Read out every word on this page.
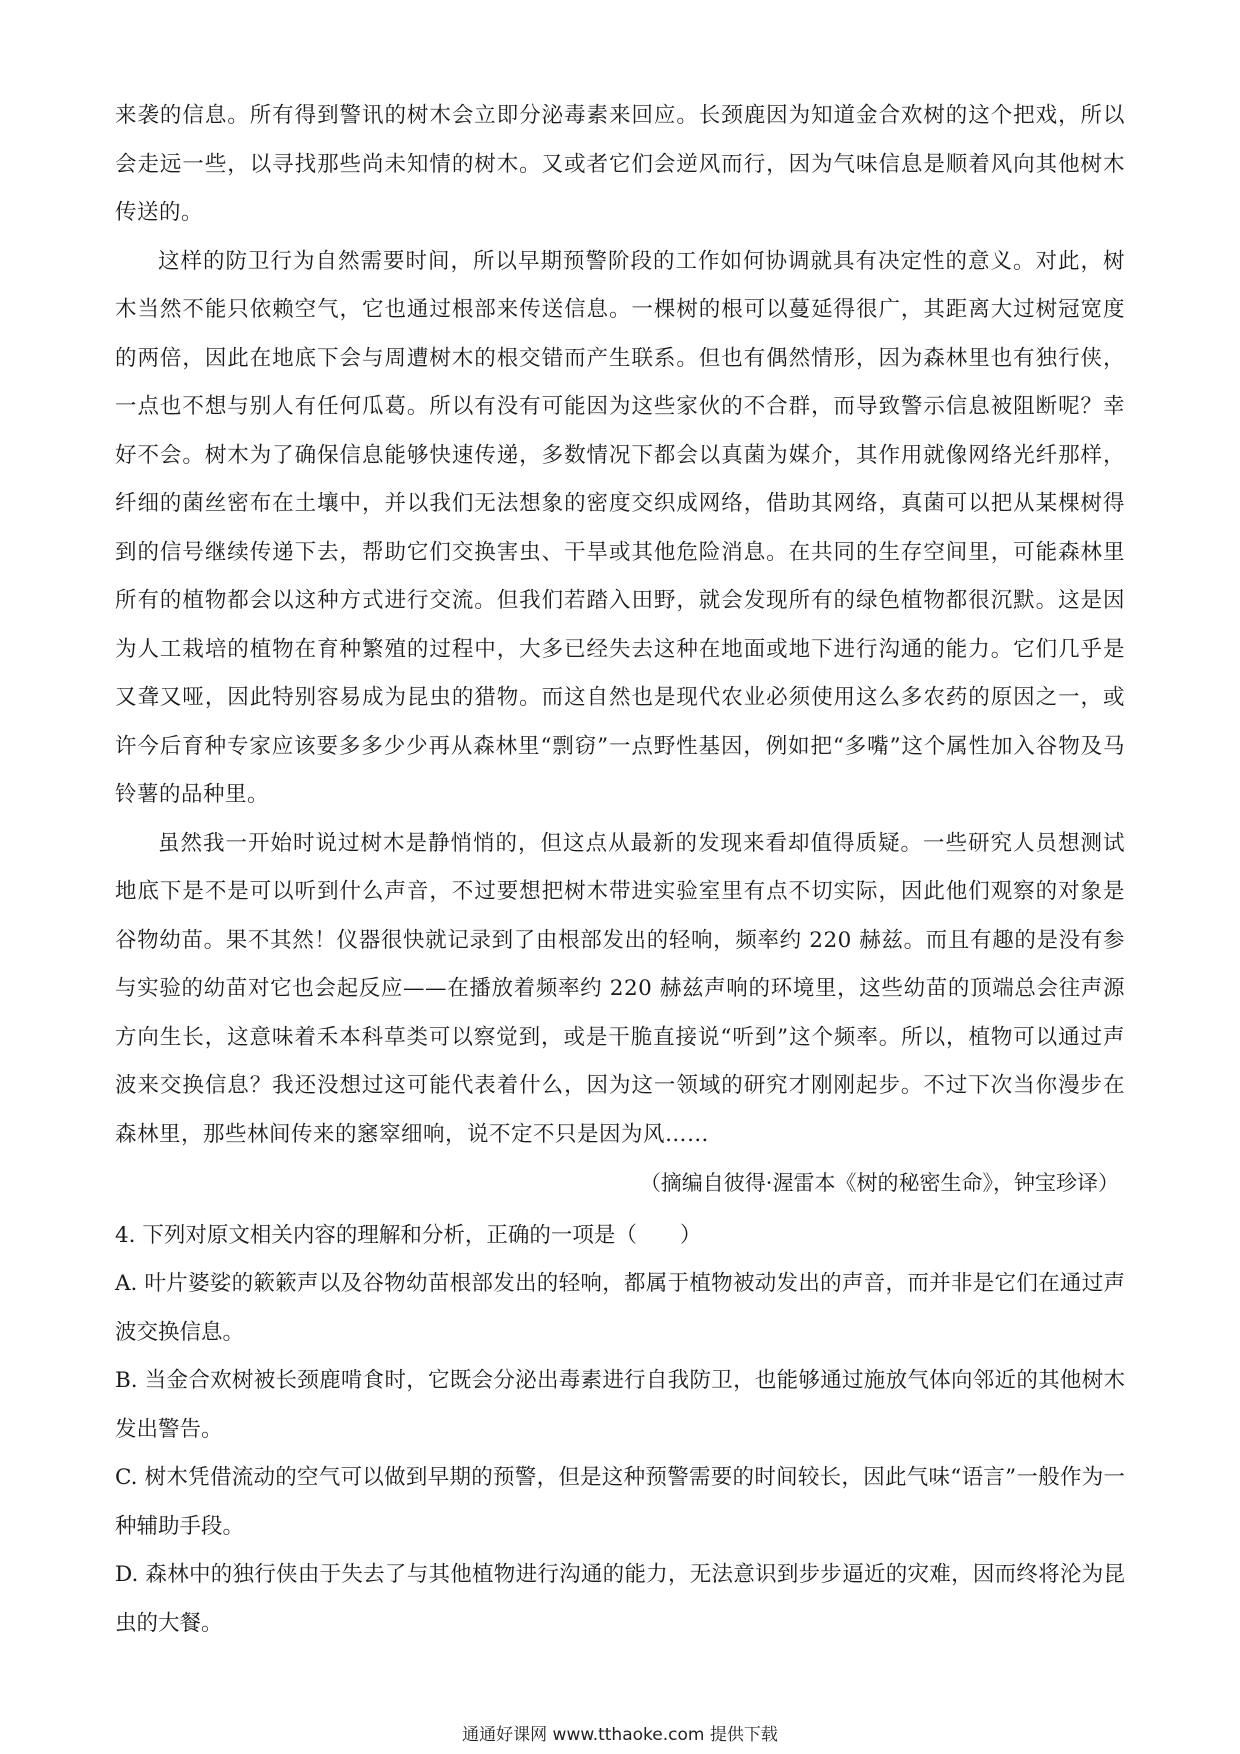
来袭的信息。所有得到警讯的树木会立即分泌毒素来回应。长颈鹿因为知道金合欢树的这个把戏，所以会走远一些，以寻找那些尚未知情的树木。又或者它们会逆风而行，因为气味信息是顺着风向其他树木传送的。

这样的防卫行为自然需要时间，所以早期预警阶段的工作如何协调就具有决定性的意义。对此，树木当然不能只依赖空气，它也通过根部来传送信息。一棵树的根可以蔓延得很广，其距离大过树冠宽度的两倍，因此在地底下会与周遭树木的根交错而产生联系。但也有偶然情形，因为森林里也有独行侠，一点也不想与别人有任何瓜葛。所以有没有可能因为这些家伙的不合群，而导致警示信息被阻断呢？幸好不会。树木为了确保信息能够快速传递，多数情况下都会以真菌为媒介，其作用就像网络光纤那样，纤细的菌丝密布在土壤中，并以我们无法想象的密度交织成网络，借助其网络，真菌可以把从某棵树得到的信号继续传递下去，帮助它们交换害虫、干旱或其他危险消息。在共同的生存空间里，可能森林里所有的植物都会以这种方式进行交流。但我们若踏入田野，就会发现所有的绿色植物都很沉默。这是因为人工栽培的植物在育种繁殖的过程中，大多已经失去这种在地面或地下进行沟通的能力。它们几乎是又聋又哑，因此特别容易成为昆虫的猎物。而这自然也是现代农业必须使用这么多农药的原因之一，或许今后育种专家应该要多多少少再从森林里“剽窃”一点野性基因，例如把“多嘴”这个属性加入谷物及马铃薯的品种里。

虽然我一开始时说过树木是静悄悄的，但这点从最新的发现来看却值得质疑。一些研究人员想测试地底下是不是可以听到什么声音，不过要想把树木带进实验室里有点不切实际，因此他们观察的对象是谷物幼苗。果不其然！仪器很快就记录到了由根部发出的轻响，频率约 220 赫兹。而且有趣的是没有参与实验的幼苗对它也会起反应——在播放着频率约 220 赫兹声响的环境里，这些幼苗的顶端总会往声源方向生长，这意味着禾本科草类可以察觉到，或是干脆直接说“听到”这个频率。所以，植物可以通过声波来交换信息？我还没想过这可能代表着什么，因为这一领域的研究才刚刚起步。不过下次当你漫步在森林里，那些林间传来的窸窣细响，说不定不只是因为风……

（摘编自彼得·渥雷本《树的秘密生命》，钟宝珍译）

4. 下列对原文相关内容的理解和分析，正确的一项是（　　）

A. 叶片婆娑的簌簌声以及谷物幼苗根部发出的轻响，都属于植物被动发出的声音，而并非是它们在通过声波交换信息。

B. 当金合欢树被长颈鹿啃食时，它既会分泌出毒素进行自我防卫，也能够通过施放气体向邻近的其他树木发出警告。

C. 树木凭借流动的空气可以做到早期的预警，但是这种预警需要的时间较长，因此气味“语言”一般作为一种辅助手段。

D. 森林中的独行侠由于失去了与其他植物进行沟通的能力，无法意识到步步逼近的灾难，因而终将沦为昆虫的大餐。

通通好课网 www.tthaoke.com 提供下载
